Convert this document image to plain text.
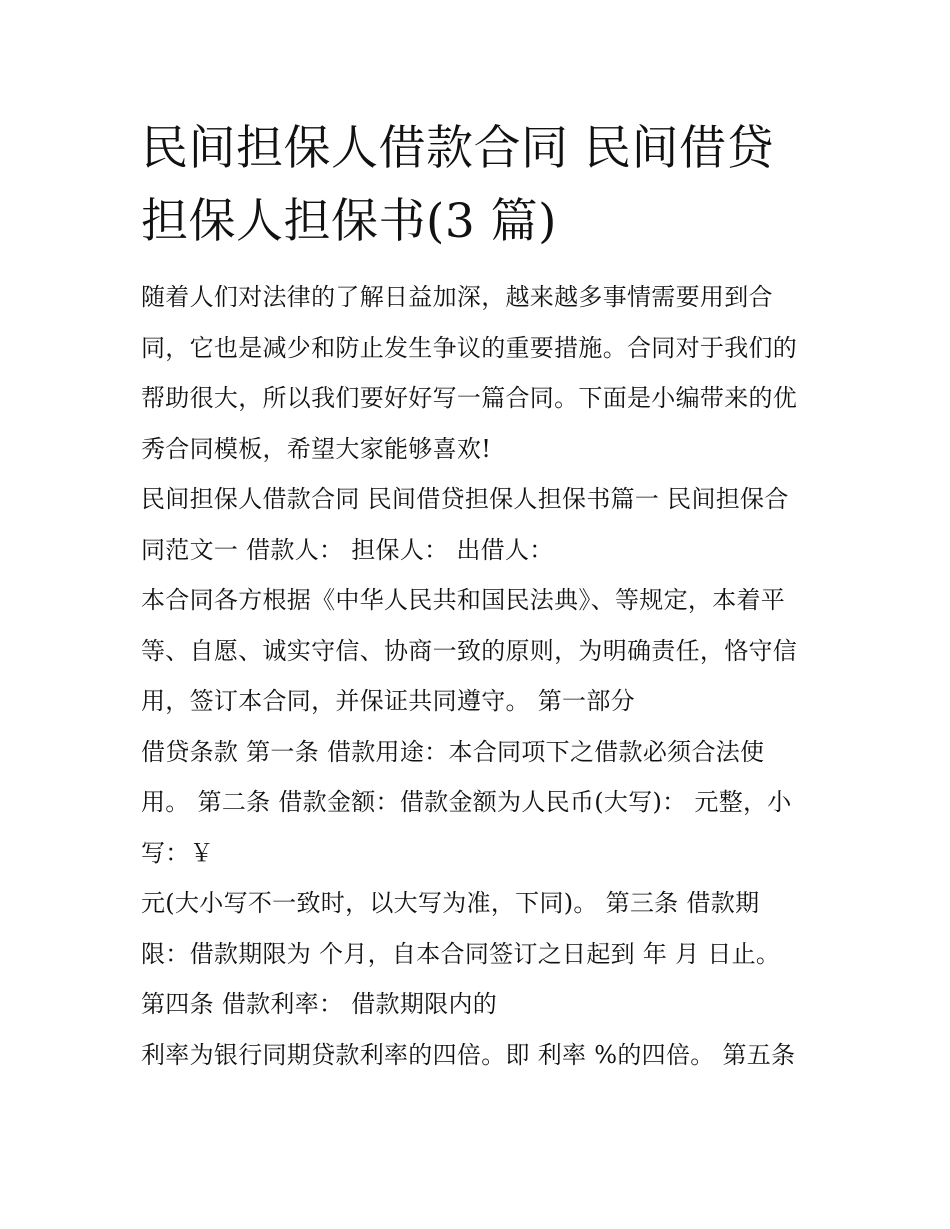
民间担保人借款合同 民间借贷
担保人担保书(3 篇)
随着人们对法律的了解日益加深，越来越多事情需要用到合
同，它也是减少和防止发生争议的重要措施。合同对于我们的
帮助很大，所以我们要好好写一篇合同。下面是小编带来的优
秀合同模板，希望大家能够喜欢!
民间担保人借款合同 民间借贷担保人担保书篇一 民间担保合
同范文一 借款人： 担保人： 出借人：
本合同各方根据《中华人民共和国民法典》、等规定，本着平
等、自愿、诚实守信、协商一致的原则，为明确责任，恪守信
用，签订本合同，并保证共同遵守。 第一部分
借贷条款 第一条 借款用途：本合同项下之借款必须合法使
用。 第二条 借款金额：借款金额为人民币(大写)： 元整，小
写：￥
元(大小写不一致时，以大写为准，下同)。 第三条 借款期
限：借款期限为 个月，自本合同签订之日起到 年 月 日止。
第四条 借款利率： 借款期限内的
利率为银行同期贷款利率的四倍。即 利率 %的四倍。 第五条
